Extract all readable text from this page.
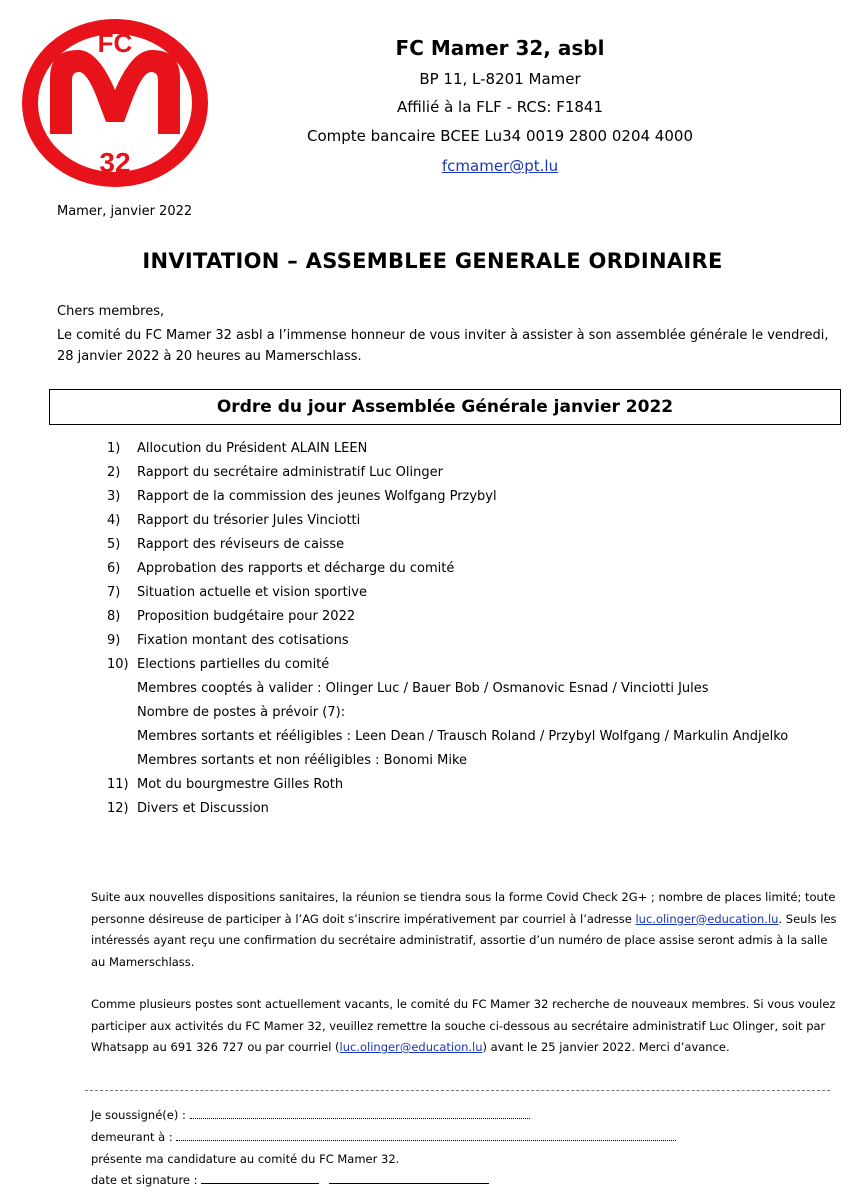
FC
32
FC Mamer 32, asbl
BP 11, L-8201 Mamer
Affilié à la FLF - RCS: F1841
Compte bancaire BCEE Lu34 0019 2800 0204 4000
fcmamer@pt.lu
Mamer, janvier 2022
INVITATION – ASSEMBLEE GENERALE ORDINAIRE
Chers membres,
Le comité du FC Mamer 32 asbl a l’immense honneur de vous inviter à assister à son assemblée générale le vendredi, 28 janvier 2022 à 20 heures au Mamerschlass.
Ordre du jour Assemblée Générale janvier 2022
1) Allocution du Président ALAIN LEEN
2) Rapport du secrétaire administratif Luc Olinger
3) Rapport de la commission des jeunes Wolfgang Przybyl
4) Rapport du trésorier Jules Vinciotti
5) Rapport des réviseurs de caisse
6) Approbation des rapports et décharge du comité
7) Situation actuelle et vision sportive
8) Proposition budgétaire pour 2022
9) Fixation montant des cotisations
10) Elections partielles du comité
Membres cooptés à valider : Olinger Luc / Bauer Bob / Osmanovic Esnad / Vinciotti Jules
Nombre de postes à prévoir (7):
Membres sortants et rééligibles : Leen Dean / Trausch Roland / Przybyl Wolfgang / Markulin Andjelko
Membres sortants et non rééligibles : Bonomi Mike
11) Mot du bourgmestre Gilles Roth
12) Divers et Discussion
Suite aux nouvelles dispositions sanitaires, la réunion se tiendra sous la forme Covid Check 2G+ ; nombre de places limité; toute personne désireuse de participer à l’AG doit s’inscrire impérativement par courriel à l’adresse luc.olinger@education.lu. Seuls les intéressés ayant reçu une confirmation du secrétaire administratif, assortie d’un numéro de place assise seront admis à la salle au Mamerschlass.
Comme plusieurs postes sont actuellement vacants, le comité du FC Mamer 32 recherche de nouveaux membres. Si vous voulez participer aux activités du FC Mamer 32, veuillez remettre la souche ci-dessous au secrétaire administratif Luc Olinger, soit par Whatsapp au 691 326 727 ou par courriel (luc.olinger@education.lu) avant le 25 janvier 2022. Merci d’avance.
Je soussigné(e) :
demeurant à :
présente ma candidature au comité du FC Mamer 32.
date et signature :
